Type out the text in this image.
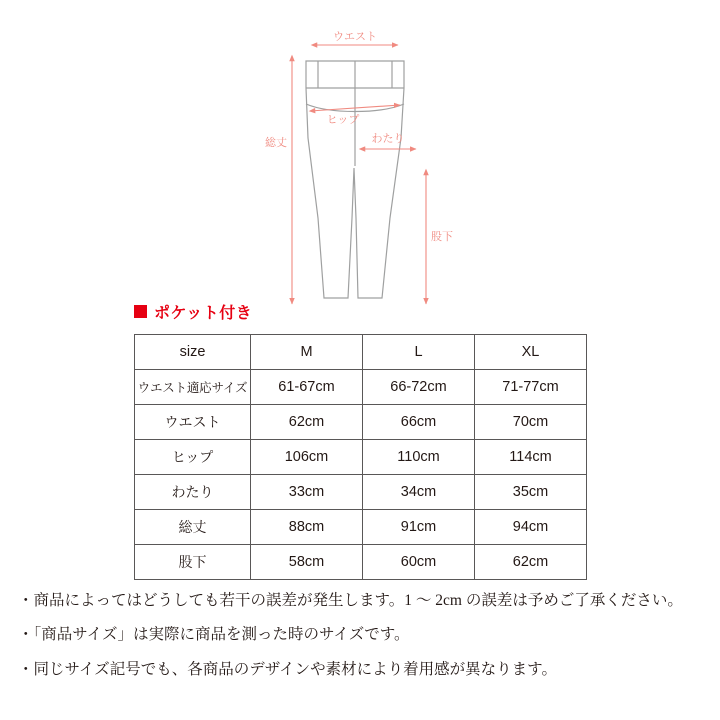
ウエスト
ヒップ
わたり
総丈
股下
ポケット付き
size	M	L	XL
ウエスト適応サイズ	61-67cm	66-72cm	71-77cm
ウエスト	62cm	66cm	70cm
ヒップ	106cm	110cm	114cm
わたり	33cm	34cm	35cm
総丈	88cm	91cm	94cm
股下	58cm	60cm	62cm

・商品によってはどうしても若干の誤差が発生します。1 〜 2cm の誤差は予めご了承ください。

・「商品サイズ」は実際に商品を測った時のサイズです。

・同じサイズ記号でも、各商品のデザインや素材により着用感が異なります。
